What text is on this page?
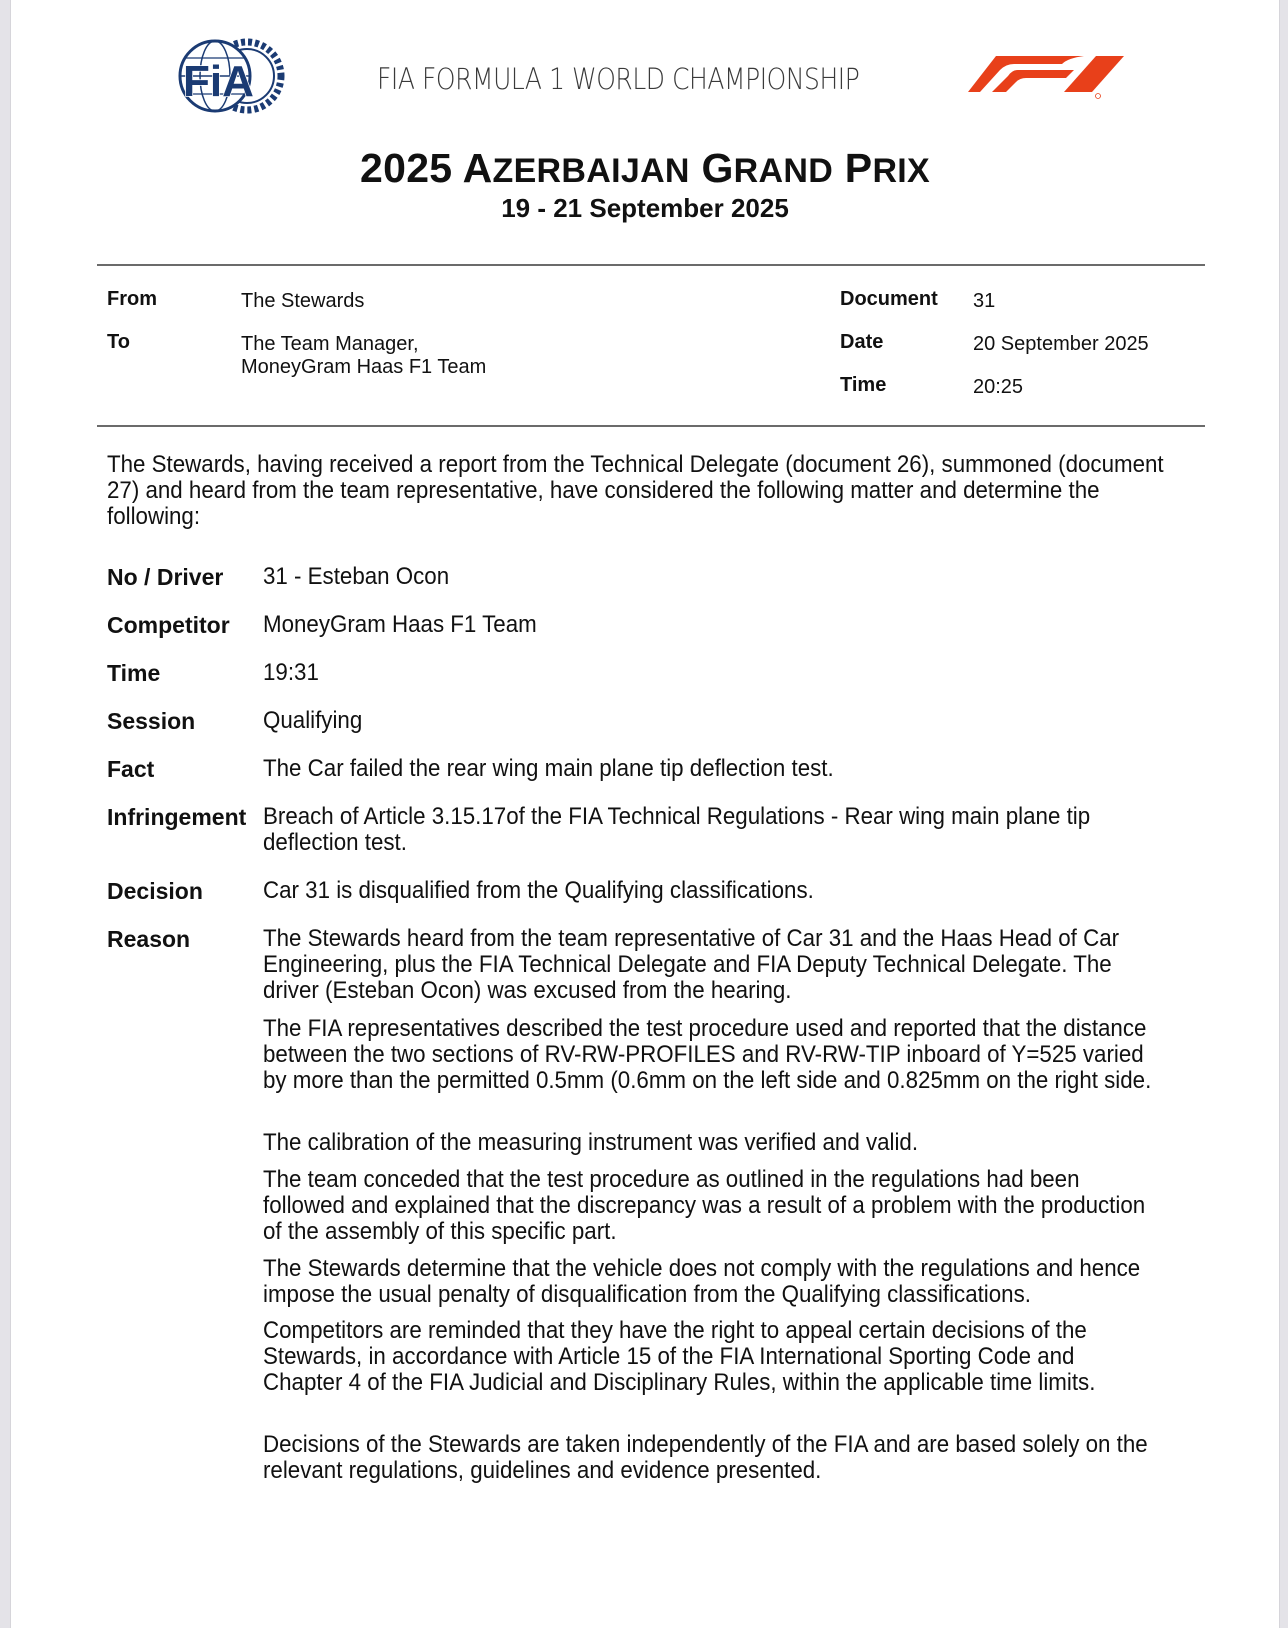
FiA	FIA FORMULA 1 WORLD CHAMPIONSHIP
2025 AZERBAIJAN GRAND PRIX
19 - 21 September 2025
From	The Stewards
To	The Team Manager,
MoneyGram Haas F1 Team
Document 31
Date	20 September 2025
Time	20:25
The Stewards, having received a report from the Technical Delegate (document 26), summoned (document 27) and heard from the team representative, have considered the following matter and determine the following:
No / Driver 31 - Esteban Ocon
Competitor MoneyGram Haas F1 Team
Time	19:31
Session	Qualifying
Fact	The Car failed the rear wing main plane tip deflection test.
Infringement Breach of Article 3.15.17of the FIA Technical Regulations - Rear wing main plane tip deflection test.
Decision	Car 31 is disqualified from the Qualifying classifications.
Reason	The Stewards heard from the team representative of Car 31 and the Haas Head of Car Engineering, plus the FIA Technical Delegate and FIA Deputy Technical Delegate. The driver (Esteban Ocon) was excused from the hearing.
The FIA representatives described the test procedure used and reported that the distance between the two sections of RV-RW-PROFILES and RV-RW-TIP inboard of Y=525 varied by more than the permitted 0.5mm (0.6mm on the left side and 0.825mm on the right side.
The calibration of the measuring instrument was verified and valid.
The team conceded that the test procedure as outlined in the regulations had been followed and explained that the discrepancy was a result of a problem with the production of the assembly of this specific part.
The Stewards determine that the vehicle does not comply with the regulations and hence impose the usual penalty of disqualification from the Qualifying classifications.
Competitors are reminded that they have the right to appeal certain decisions of the Stewards, in accordance with Article 15 of the FIA International Sporting Code and Chapter 4 of the FIA Judicial and Disciplinary Rules, within the applicable time limits.
Decisions of the Stewards are taken independently of the FIA and are based solely on the relevant regulations, guidelines and evidence presented.
